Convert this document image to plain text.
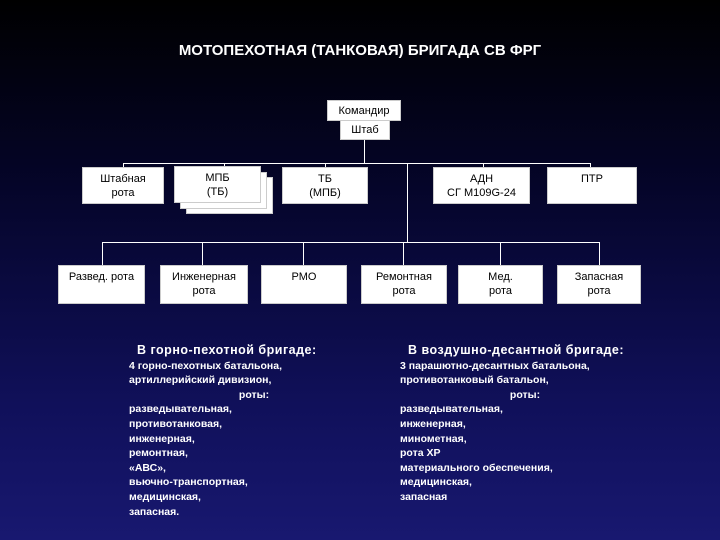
МОТОПЕХОТНАЯ (ТАНКОВАЯ) БРИГАДА СВ ФРГ
Командир
Штаб
Штабная
рота
МПБ
(ТБ)
ТБ
(МПБ)
АДН
СГ М109G-24
ПТР

Развед. рота	Инженерная
рота
РМО	Ремонтная
рота
Мед.
рота
Запасная
рота
В горно-пехотной бригаде:
4 горно-пехотных батальона,
артиллерийский дивизион,
роты:
разведывательная,
противотанковая,
инженерная,
ремонтная,
«АВС»,
вьючно-транспортная,
медицинская,
запасная.
В воздушно-десантной бригаде:
3 парашютно-десантных батальона,
противотанковый батальон,
роты:
разведывательная,
инженерная,
минометная,
рота ХР
материального обеспечения,
медицинская,
запасная
